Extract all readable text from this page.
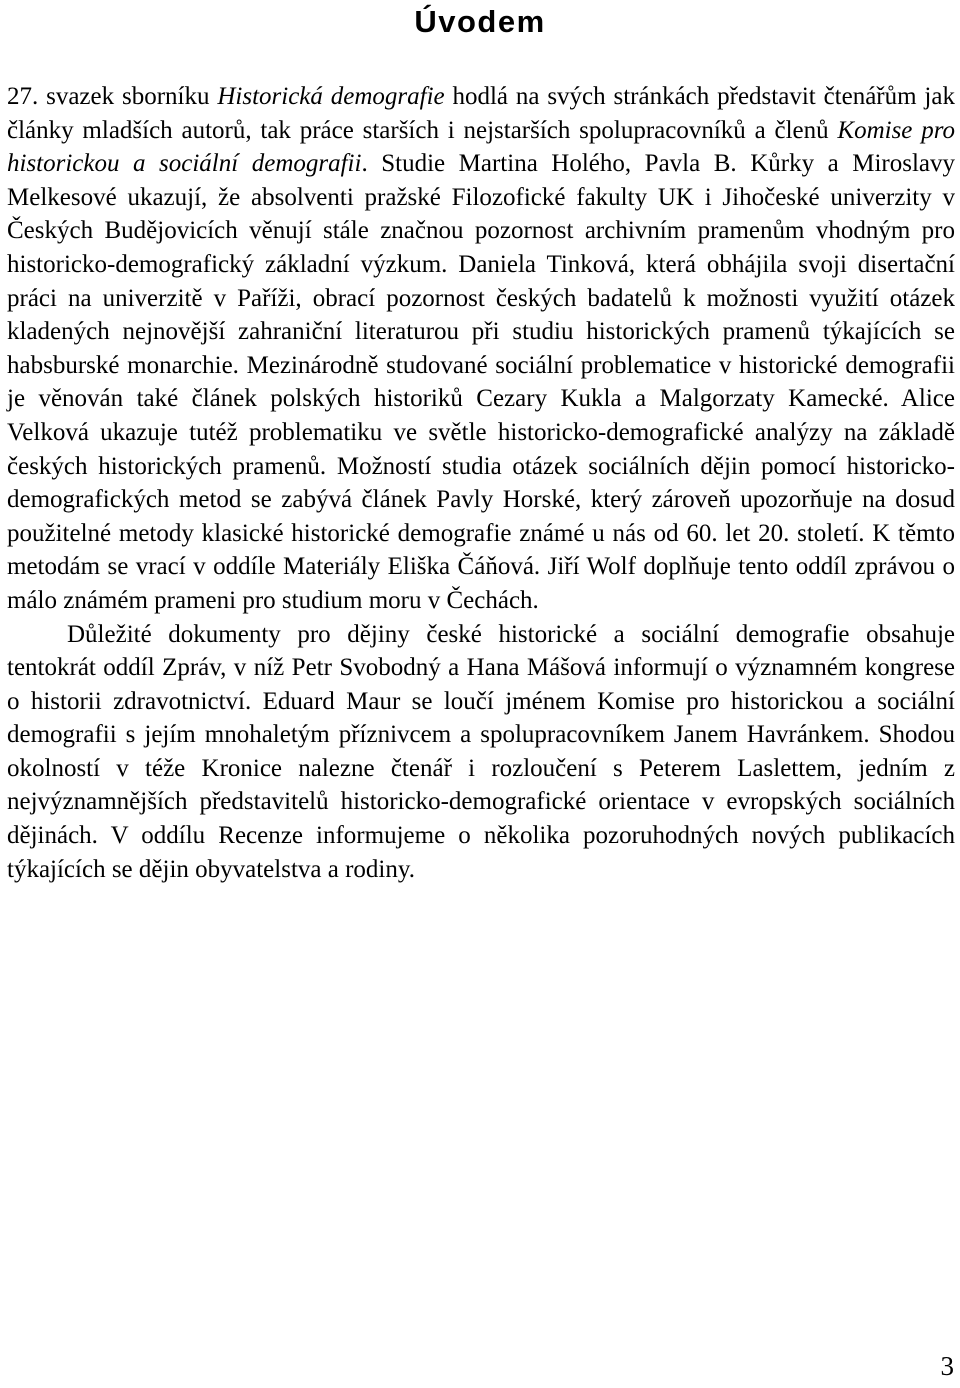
Úvodem

27. svazek sborníku Historická demografie hodlá na svých stránkách představit čtenářům jak články mladších autorů, tak práce starších i nejstarších spolupracovníků a členů Komise pro historickou a sociální demografii. Studie Martina Holého, Pavla B. Kůrky a Miroslavy Melkesové ukazují, že absolventi pražské Filozofické fakulty UK i Jihočeské univerzity v Českých Budějovicích věnují stále značnou pozornost archivním pramenům vhodným pro historicko-demografický základní výzkum. Daniela Tinková, která obhájila svoji disertační práci na univerzitě v Paříži, obrací pozornost českých badatelů k možnosti využití otázek kladených nejnovější zahraniční literaturou při studiu historických pramenů týkajících se habsburské monarchie. Mezinárodně studované sociální problematice v historické demografii je věnován také článek polských historiků Cezary Kukla a Malgorzaty Kamecké. Alice Velková ukazuje tutéž problematiku ve světle historicko-demografické analýzy na základě českých historických pramenů. Možností studia otázek sociálních dějin pomocí historicko-demografických metod se zabývá článek Pavly Horské, který zároveň upozorňuje na dosud použitelné metody klasické historické demografie známé u nás od 60. let 20. století. K těmto metodám se vrací v oddíle Materiály Eliška Čáňová. Jiří Wolf doplňuje tento oddíl zprávou o málo známém prameni pro studium moru v Čechách.

Důležité dokumenty pro dějiny české historické a sociální demografie obsahuje tentokrát oddíl Zpráv, v níž Petr Svobodný a Hana Mášová informují o významném kongrese o historii zdravotnictví. Eduard Maur se loučí jménem Komise pro historickou a sociální demografii s jejím mnohaletým příznivcem a spolupracovníkem Janem Havránkem. Shodou okolností v téže Kronice nalezne čtenář i rozloučení s Peterem Laslettem, jedním z nejvýznamnějších představitelů historicko-demografické orientace v evropských sociálních dějinách. V oddílu Recenze informujeme o několika pozoruhodných nových publikacích týkajících se dějin obyvatelstva a rodiny.

3
